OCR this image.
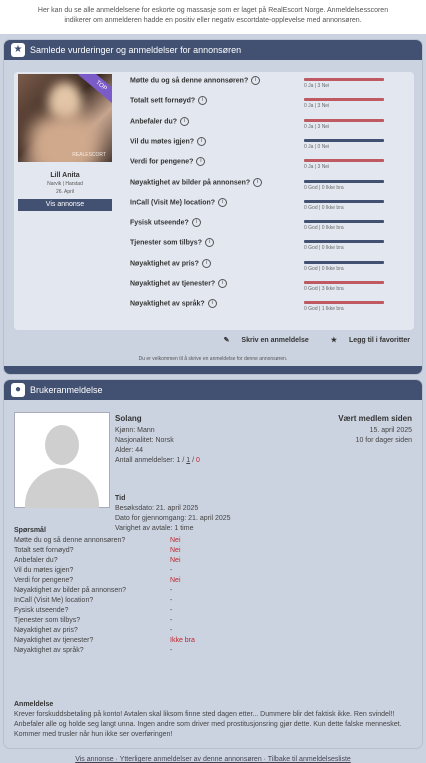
Her kan du se alle anmeldelsene for eskorte og massasje som er laget på RealEscort Norge. Anmeldelsesscoren
indikerer om anmelderen hadde en positiv eller negativ escortdate-opplevelse med annonsøren.
★ Samlede vurderinger og anmeldelser for annonsøren
TOP
REALESCORT
Lill Anita
Narvik | Harstad
26. April
Vis annonse
Møtte du og så denne annonsøren? i
0 Ja | 3 Nei
Totalt sett fornøyd? i
0 Ja | 3 Nei
Anbefaler du? i
0 Ja | 3 Nei
Vil du møtes igjen? i
0 Ja | 0 Nei
Verdi for pengene? i
0 Ja | 3 Nei
Nøyaktighet av bilder på annonsen? i
0 God | 0 Ikke bra
InCall (Visit Me) location? i
0 God | 0 Ikke bra
Fysisk utseende? i
0 God | 0 Ikke bra
Tjenester som tilbys? i
0 God | 0 Ikke bra
Nøyaktighet av pris? i
0 God | 0 Ikke bra
Nøyaktighet av tjenester? i
0 God | 3 Ikke bra
Nøyaktighet av språk? i
0 God | 1 Ikke bra
✎ Skriv en anmeldelse	★ Legg til i favoritter
Du er velkommen til å skrive en anmeldelse for denne annonsøren.
● Brukeranmeldelse
Solang
Kjønn: Mann
Nasjonalitet: Norsk
Alder: 44
Antall anmeldelser: 1 / 1 / 0
Vært medlem siden
15. april 2025
10 for dager siden
Tid
Besøksdato: 21. april 2025
Dato for gjennomgang: 21. april 2025
Varighet av avtale: 1 time
Spørsmål
Møtte du og så denne annonsøren?	Nei
Totalt sett fornøyd?	Nei
Anbefaler du?	Nei
Vil du møtes igjen?	-
Verdi for pengene?	Nei
Nøyaktighet av bilder på annonsen?	-
InCall (Visit Me) location?	-
Fysisk utseende?	-
Tjenester som tilbys?	-
Nøyaktighet av pris?	-
Nøyaktighet av tjenester?	Ikke bra
Nøyaktighet av språk?	-
Anmeldelse
Krever forskuddsbetaling på konto! Avtalen skal liksom finne sted dagen etter... Dummere blir det faktisk ikke. Ren svindel!! Anbefaler alle og holde seg langt unna. Ingen andre som driver med prostitusjonsring gjør dette. Kun dette falske mennesket. Kommer med trusler når hun ikke ser overføringen!
Vis annonse · Ytterligere anmeldelser av denne annonsøren · Tilbake til anmeldelsesliste
